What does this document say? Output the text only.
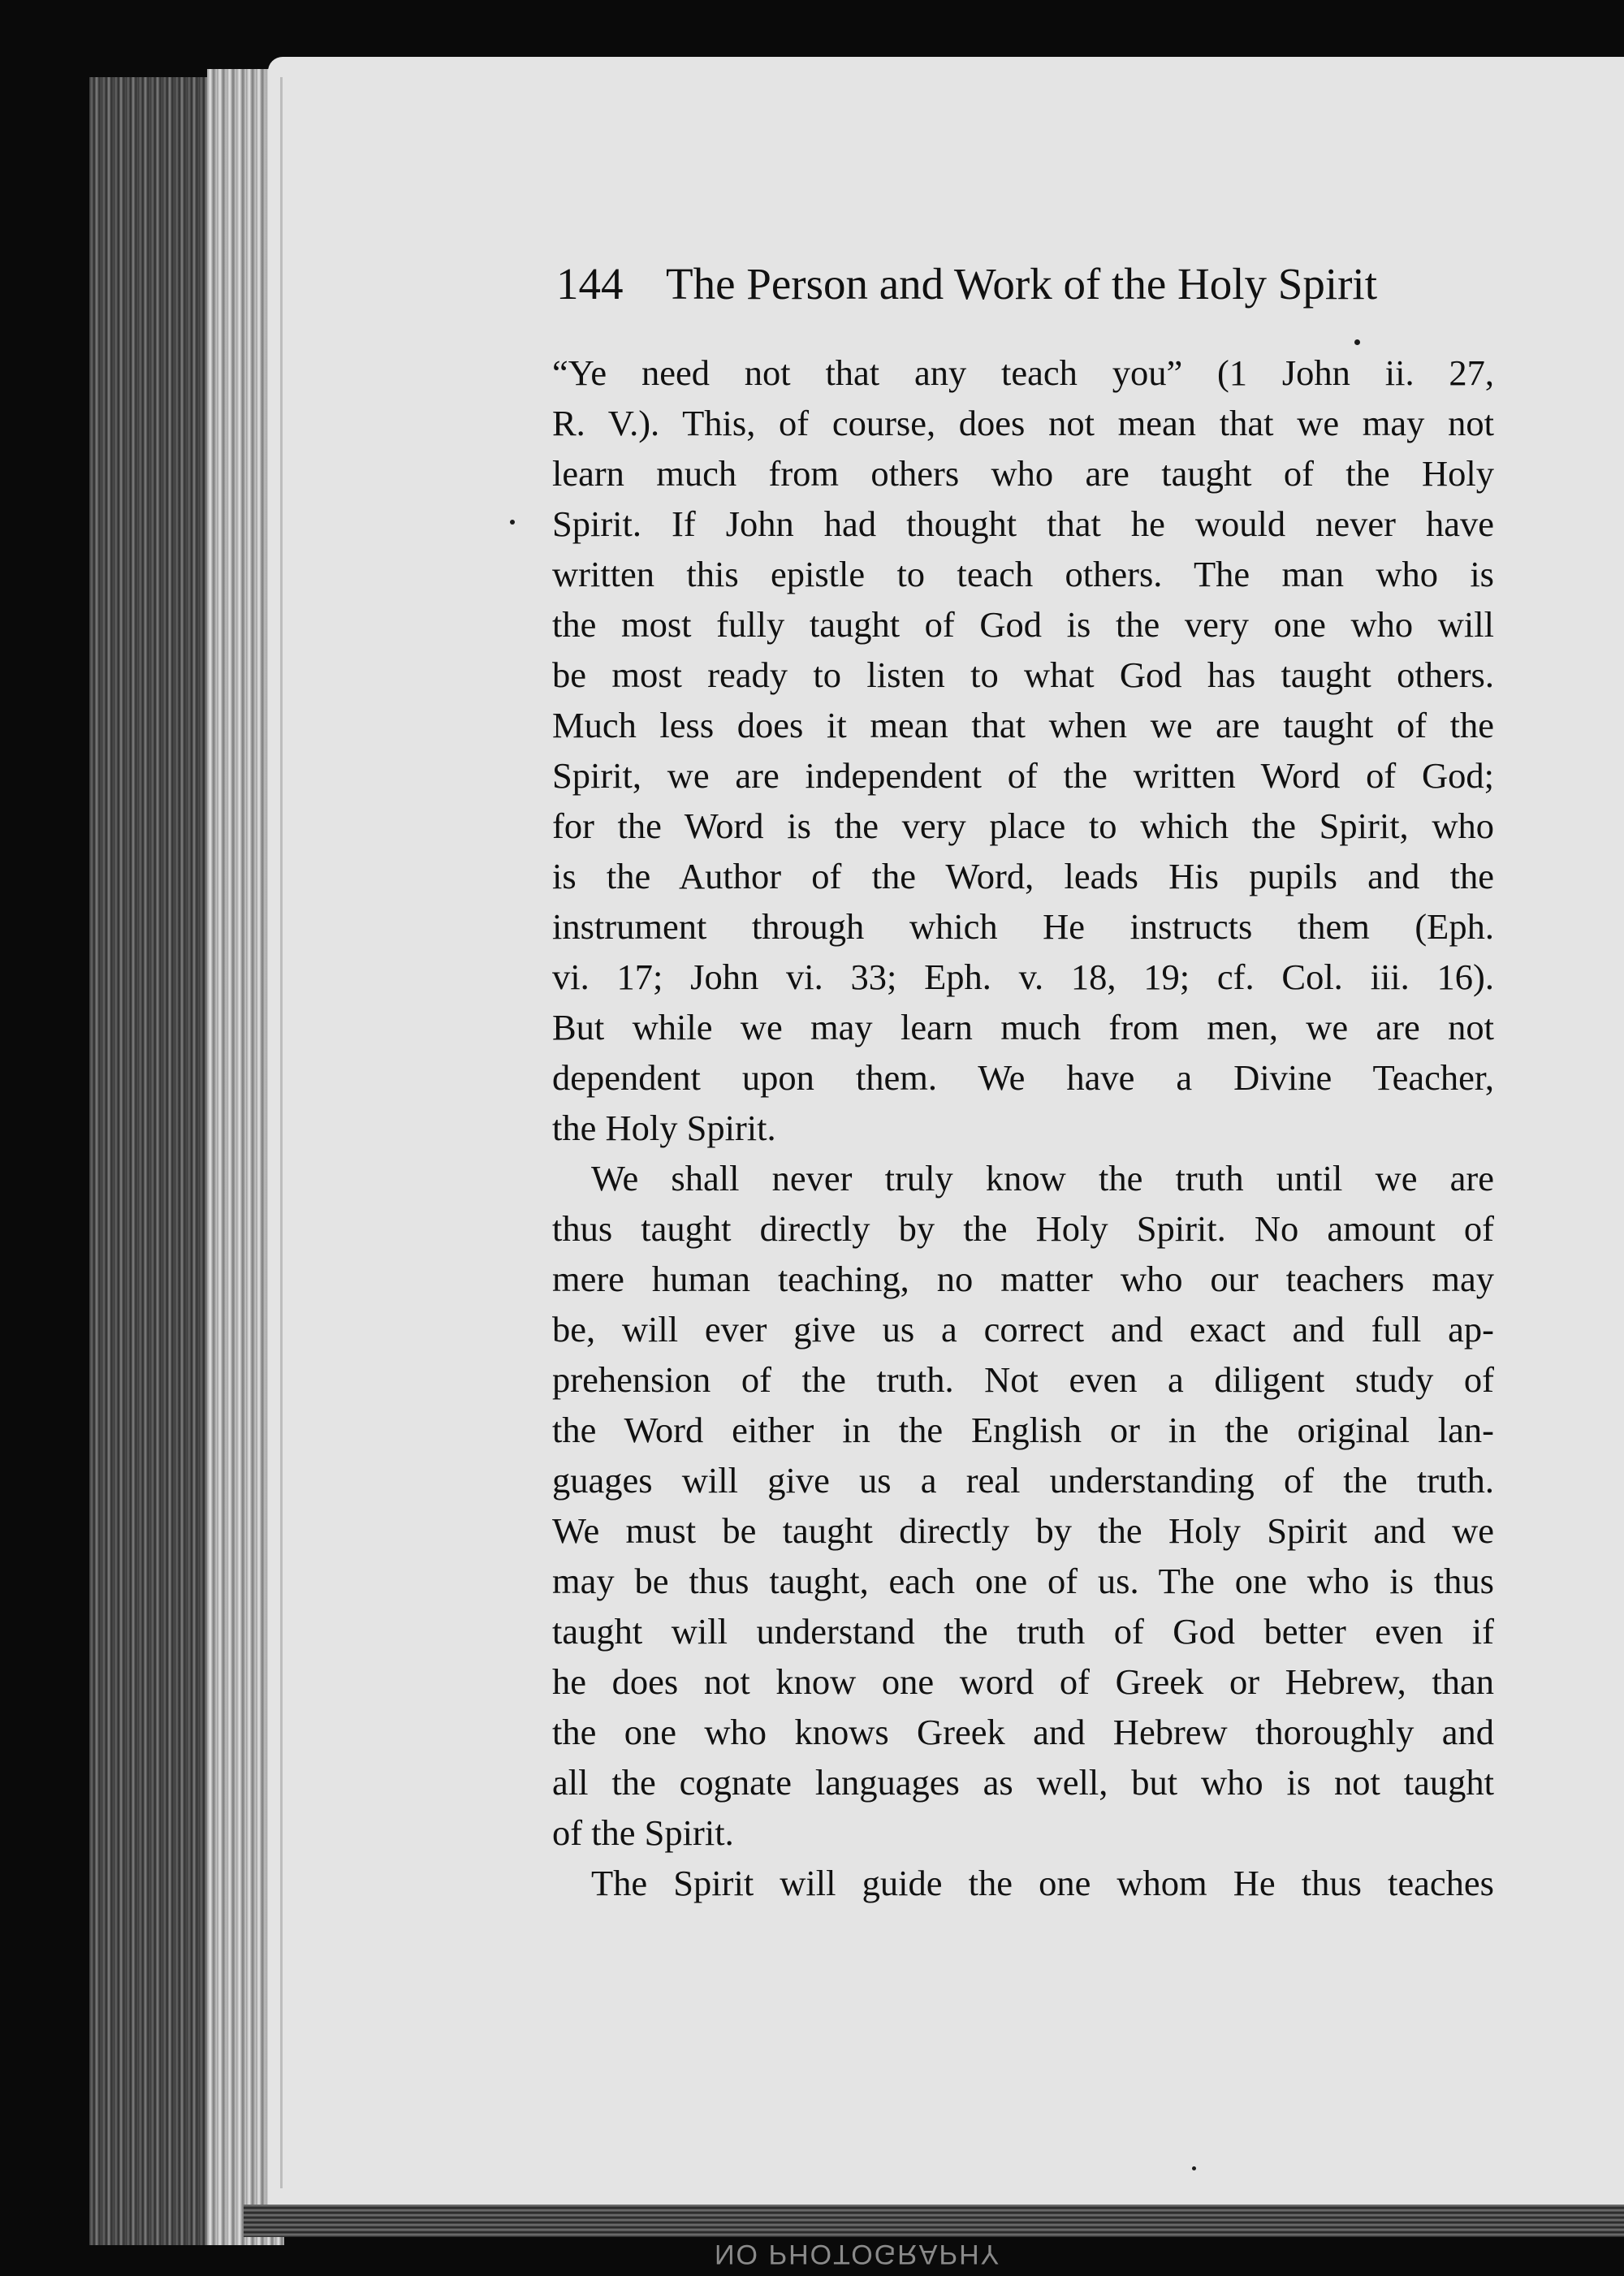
NO PHOTOGRAPHY
144 The Person and Work of the Holy Spirit
“Ye need not that any teach you” (1 John ii. 27,
R. V.). This, of course, does not mean that we may not
learn much from others who are taught of the Holy
Spirit. If John had thought that he would never have
written this epistle to teach others. The man who is
the most fully taught of God is the very one who will
be most ready to listen to what God has taught others.
Much less does it mean that when we are taught of the
Spirit, we are independent of the written Word of God;
for the Word is the very place to which the Spirit, who
is the Author of the Word, leads His pupils and the
instrument through which He instructs them (Eph.
vi. 17; John vi. 33; Eph. v. 18, 19; cf. Col. iii. 16).
But while we may learn much from men, we are not
dependent upon them. We have a Divine Teacher,
the Holy Spirit.
We shall never truly know the truth until we are
thus taught directly by the Holy Spirit. No amount of
mere human teaching, no matter who our teachers may
be, will ever give us a correct and exact and full ap-
prehension of the truth. Not even a diligent study of
the Word either in the English or in the original lan-
guages will give us a real understanding of the truth.
We must be taught directly by the Holy Spirit and we
may be thus taught, each one of us. The one who is thus
taught will understand the truth of God better even if
he does not know one word of Greek or Hebrew, than
the one who knows Greek and Hebrew thoroughly and
all the cognate languages as well, but who is not taught
of the Spirit.
The Spirit will guide the one whom He thus teaches
